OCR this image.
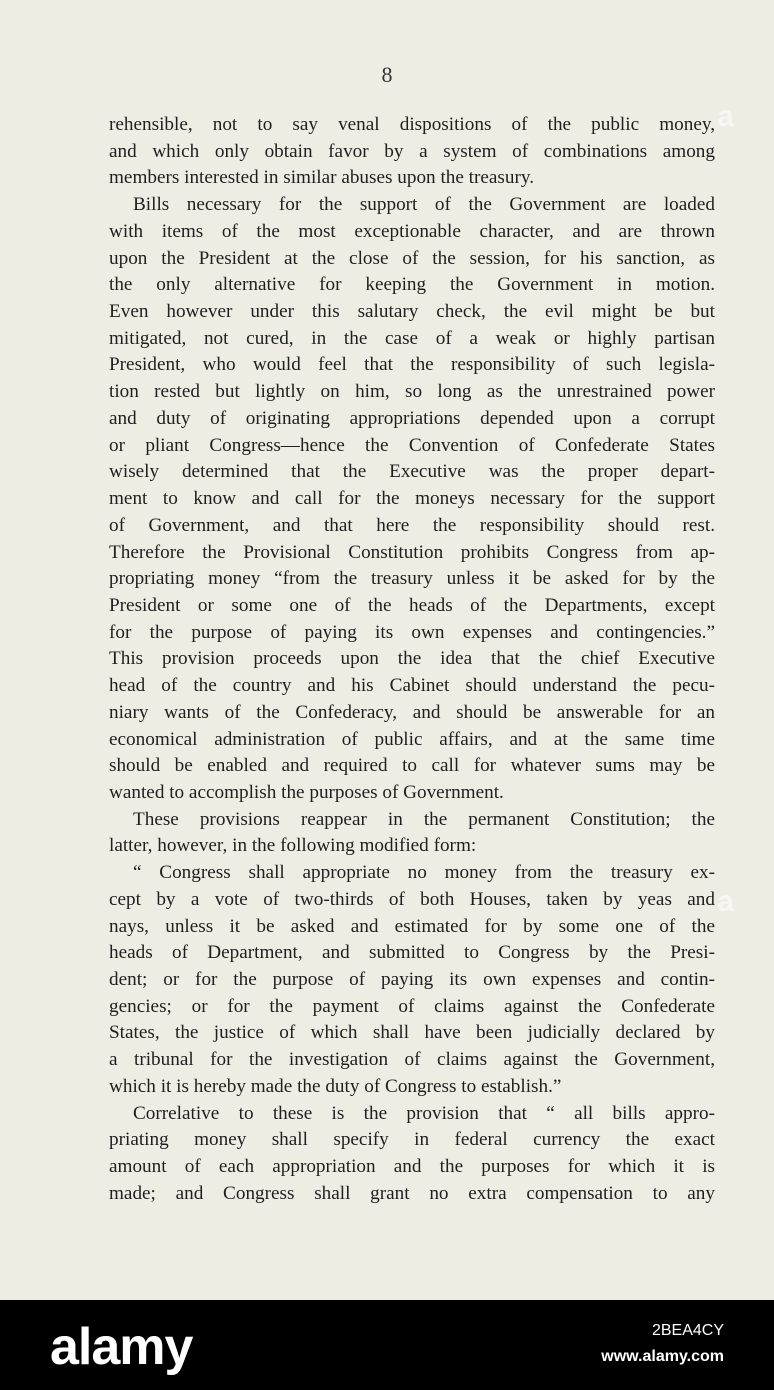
8
rehensible, not to say venal dispositions of the public money,
and which only obtain favor by a system of combinations among
members interested in similar abuses upon the treasury.
Bills necessary for the support of the Government are loaded
with items of the most exceptionable character, and are thrown
upon the President at the close of the session, for his sanction, as
the only alternative for keeping the Government in motion.
Even however under this salutary check, the evil might be but
mitigated, not cured, in the case of a weak or highly partisan
President, who would feel that the responsibility of such legisla-
tion rested but lightly on him, so long as the unrestrained power
and duty of originating appropriations depended upon a corrupt
or pliant Congress—hence the Convention of Confederate States
wisely determined that the Executive was the proper depart-
ment to know and call for the moneys necessary for the support
of Government, and that here the responsibility should rest.
Therefore the Provisional Constitution prohibits Congress from ap-
propriating money “from the treasury unless it be asked for by the
President or some one of the heads of the Departments, except
for the purpose of paying its own expenses and contingencies.”
This provision proceeds upon the idea that the chief Executive
head of the country and his Cabinet should understand the pecu-
niary wants of the Confederacy, and should be answerable for an
economical administration of public affairs, and at the same time
should be enabled and required to call for whatever sums may be
wanted to accomplish the purposes of Government.
These provisions reappear in the permanent Constitution; the
latter, however, in the following modified form:
“ Congress shall appropriate no money from the treasury ex-
cept by a vote of two-thirds of both Houses, taken by yeas and
nays, unless it be asked and estimated for by some one of the
heads of Department, and submitted to Congress by the Presi-
dent; or for the purpose of paying its own expenses and contin-
gencies; or for the payment of claims against the Confederate
States, the justice of which shall have been judicially declared by
a tribunal for the investigation of claims against the Government,
which it is hereby made the duty of Congress to establish.”
Correlative to these is the provision that “ all bills appro-
priating money shall specify in federal currency the exact
amount of each appropriation and the purposes for which it is
made; and Congress shall grant no extra compensation to any
a
a
alamy	2BEA4CY
www.alamy.com
